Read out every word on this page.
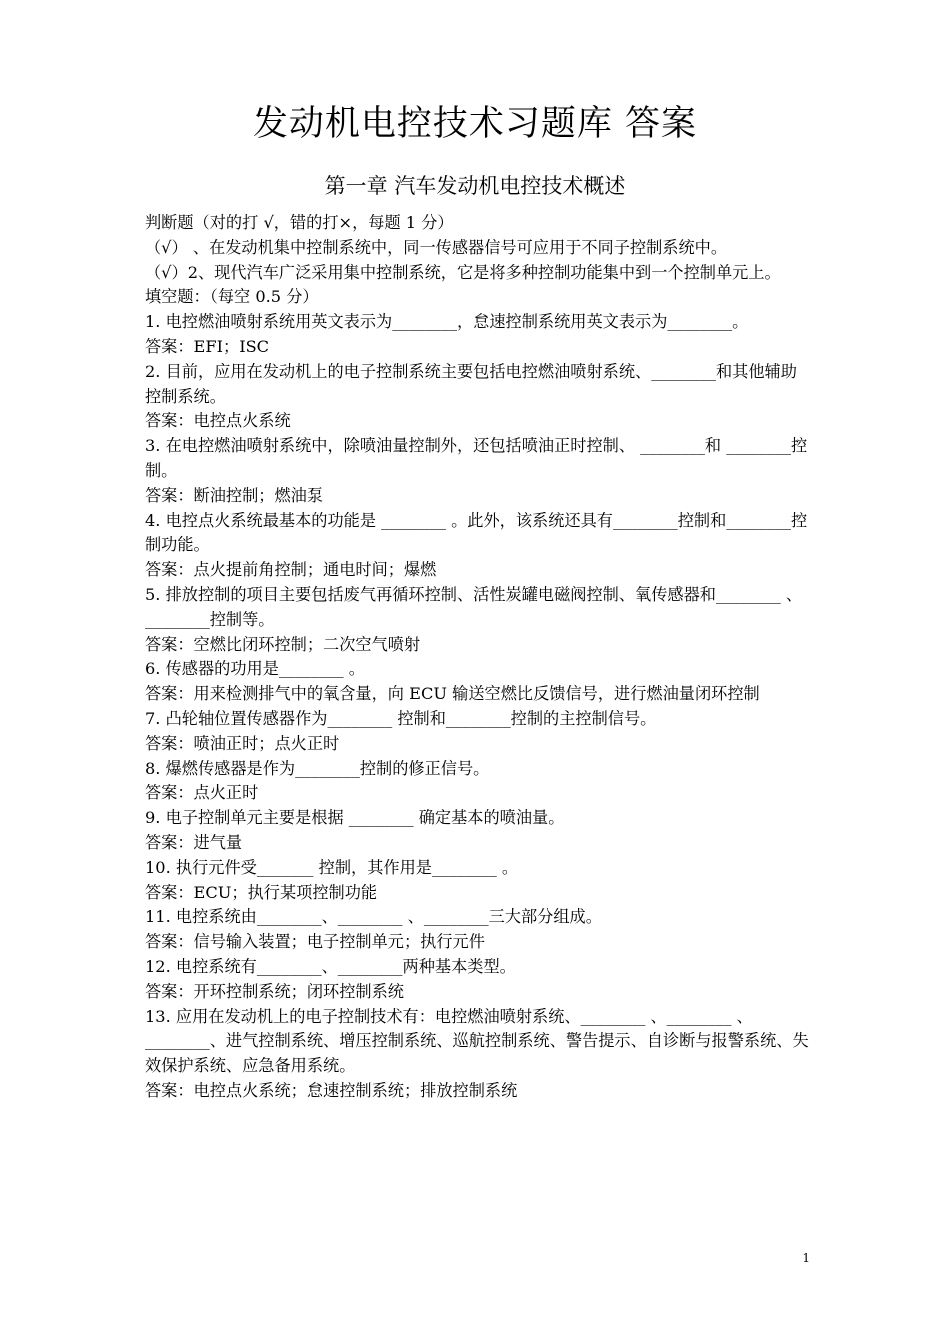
发动机电控技术习题库 答案
第一章 汽车发动机电控技术概述

判断题（对的打 √，错的打×，每题 1 分）

（√） 、在发动机集中控制系统中，同一传感器信号可应用于不同子控制系统中。

（√）2、现代汽车广泛采用集中控制系统，它是将多种控制功能集中到一个控制单元上。

填空题：（每空 0.5 分）

1. 电控燃油喷射系统用英文表示为________，怠速控制系统用英文表示为________。

答案：EFI；ISC

2. 目前，应用在发动机上的电子控制系统主要包括电控燃油喷射系统、________和其他辅助控制系统。

答案：电控点火系统

3. 在电控燃油喷射系统中，除喷油量控制外，还包括喷油正时控制、 ________和 ________控制。

答案：断油控制；燃油泵

4. 电控点火系统最基本的功能是 ________ 。此外，该系统还具有________控制和________控制功能。

答案：点火提前角控制；通电时间；爆燃

5. 排放控制的项目主要包括废气再循环控制、活性炭罐电磁阀控制、氧传感器和________ 、________控制等。

答案：空燃比闭环控制；二次空气喷射

6. 传感器的功用是________ 。

答案：用来检测排气中的氧含量，向 ECU 输送空燃比反馈信号，进行燃油量闭环控制

7. 凸轮轴位置传感器作为________ 控制和________控制的主控制信号。

答案：喷油正时；点火正时

8. 爆燃传感器是作为________控制的修正信号。

答案：点火正时

9. 电子控制单元主要是根据 ________ 确定基本的喷油量。

答案：进气量

10. 执行元件受_______ 控制，其作用是________ 。

答案：ECU；执行某项控制功能

11. 电控系统由________、________ 、________三大部分组成。

答案：信号输入装置；电子控制单元；执行元件

12. 电控系统有________、________两种基本类型。

答案：开环控制系统；闭环控制系统

13. 应用在发动机上的电子控制技术有：电控燃油喷射系统、________ 、________ 、________、进气控制系统、增压控制系统、巡航控制系统、警告提示、自诊断与报警系统、失效保护系统、应急备用系统。

答案：电控点火系统；怠速控制系统；排放控制系统

1
